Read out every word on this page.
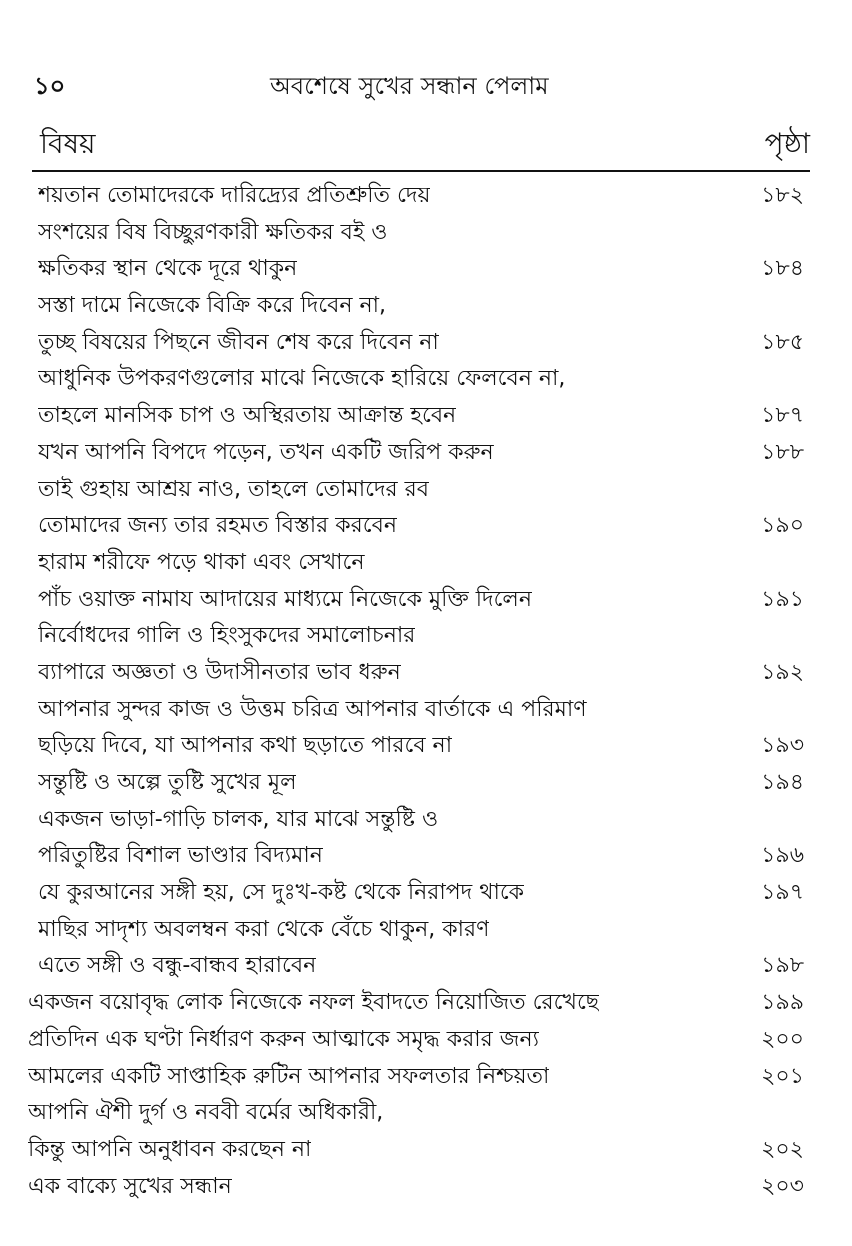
১০	অবশেষে সুখের সন্ধান পেলাম
বিষয়	পৃষ্ঠা
শয়তান তোমাদেরকে দারিদ্র্যের প্রতিশ্রুতি দেয়	১৮২
সংশয়ের বিষ বিচ্ছুরণকারী ক্ষতিকর বই ও
ক্ষতিকর স্থান থেকে দূরে থাকুন	১৮৪
সস্তা দামে নিজেকে বিক্রি করে দিবেন না,
তুচ্ছ বিষয়ের পিছনে জীবন শেষ করে দিবেন না	১৮৫
আধুনিক উপকরণগুলোর মাঝে নিজেকে হারিয়ে ফেলবেন না,
তাহলে মানসিক চাপ ও অস্থিরতায় আক্রান্ত হবেন	১৮৭
যখন আপনি বিপদে পড়েন, তখন একটি জরিপ করুন	১৮৮
তাই গুহায় আশ্রয় নাও, তাহলে তোমাদের রব
তোমাদের জন্য তার রহমত বিস্তার করবেন	১৯০
হারাম শরীফে পড়ে থাকা এবং সেখানে
পাঁচ ওয়াক্ত নামায আদায়ের মাধ্যমে নিজেকে মুক্তি দিলেন	১৯১
নির্বোধদের গালি ও হিংসুকদের সমালোচনার
ব্যাপারে অজ্ঞতা ও উদাসীনতার ভাব ধরুন	১৯২
আপনার সুন্দর কাজ ও উত্তম চরিত্র আপনার বার্তাকে এ পরিমাণ
ছড়িয়ে দিবে, যা আপনার কথা ছড়াতে পারবে না	১৯৩
সন্তুষ্টি ও অল্পে তুষ্টি সুখের মূল	১৯৪
একজন ভাড়া-গাড়ি চালক, যার মাঝে সন্তুষ্টি ও
পরিতুষ্টির বিশাল ভাণ্ডার বিদ্যমান	১৯৬
যে কুরআনের সঙ্গী হয়, সে দুঃখ-কষ্ট থেকে নিরাপদ থাকে	১৯৭
মাছির সাদৃশ্য অবলম্বন করা থেকে বেঁচে থাকুন, কারণ
এতে সঙ্গী ও বন্ধু-বান্ধব হারাবেন	১৯৮
একজন বয়োবৃদ্ধ লোক নিজেকে নফল ইবাদতে নিয়োজিত রেখেছে	১৯৯
প্রতিদিন এক ঘণ্টা নির্ধারণ করুন আত্মাকে সমৃদ্ধ করার জন্য	২০০
আমলের একটি সাপ্তাহিক রুটিন আপনার সফলতার নিশ্চয়তা	২০১
আপনি ঐশী দুর্গ ও নববী বর্মের অধিকারী,
কিন্তু আপনি অনুধাবন করছেন না	২০২
এক বাক্যে সুখের সন্ধান	২০৩
